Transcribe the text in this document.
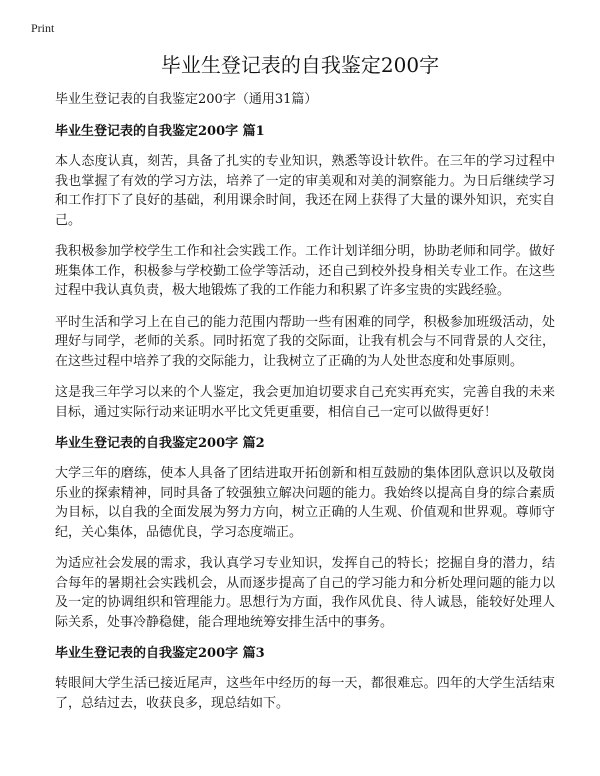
Print
毕业生登记表的自我鉴定200字

毕业生登记表的自我鉴定200字（通用31篇）

毕业生登记表的自我鉴定200字 篇1

本人态度认真，刻苦，具备了扎实的专业知识，熟悉等设计软件。在三年的学习过程中我也掌握了有效的学习方法，培养了一定的审美观和对美的洞察能力。为日后继续学习和工作打下了良好的基础，利用课余时间，我还在网上获得了大量的课外知识，充实自己。

我积极参加学校学生工作和社会实践工作。工作计划详细分明，协助老师和同学。做好班集体工作，积极参与学校勤工俭学等活动，还自己到校外投身相关专业工作。在这些过程中我认真负责，极大地锻炼了我的工作能力和积累了许多宝贵的实践经验。

平时生活和学习上在自己的能力范围内帮助一些有困难的同学，积极参加班级活动，处理好与同学，老师的关系。同时拓宽了我的交际面，让我有机会与不同背景的人交往，在这些过程中培养了我的交际能力，让我树立了正确的为人处世态度和处事原则。

这是我三年学习以来的个人鉴定，我会更加迫切要求自己充实再充实，完善自我的未来目标，通过实际行动来证明水平比文凭更重要，相信自己一定可以做得更好！

毕业生登记表的自我鉴定200字 篇2

大学三年的磨练，使本人具备了团结进取开拓创新和相互鼓励的集体团队意识以及敬岗乐业的探索精神，同时具备了较强独立解决问题的能力。我始终以提高自身的综合素质为目标，以自我的全面发展为努力方向，树立正确的人生观、价值观和世界观。尊师守纪，关心集体，品德优良，学习态度端正。

为适应社会发展的需求，我认真学习专业知识，发挥自己的特长；挖掘自身的潜力，结合每年的暑期社会实践机会，从而逐步提高了自己的学习能力和分析处理问题的能力以及一定的协调组织和管理能力。思想行为方面，我作风优良、待人诚恳，能较好处理人际关系，处事冷静稳健，能合理地统筹安排生活中的事务。

毕业生登记表的自我鉴定200字 篇3

转眼间大学生活已接近尾声，这些年中经历的每一天，都很难忘。四年的大学生活结束了，总结过去，收获良多，现总结如下。
